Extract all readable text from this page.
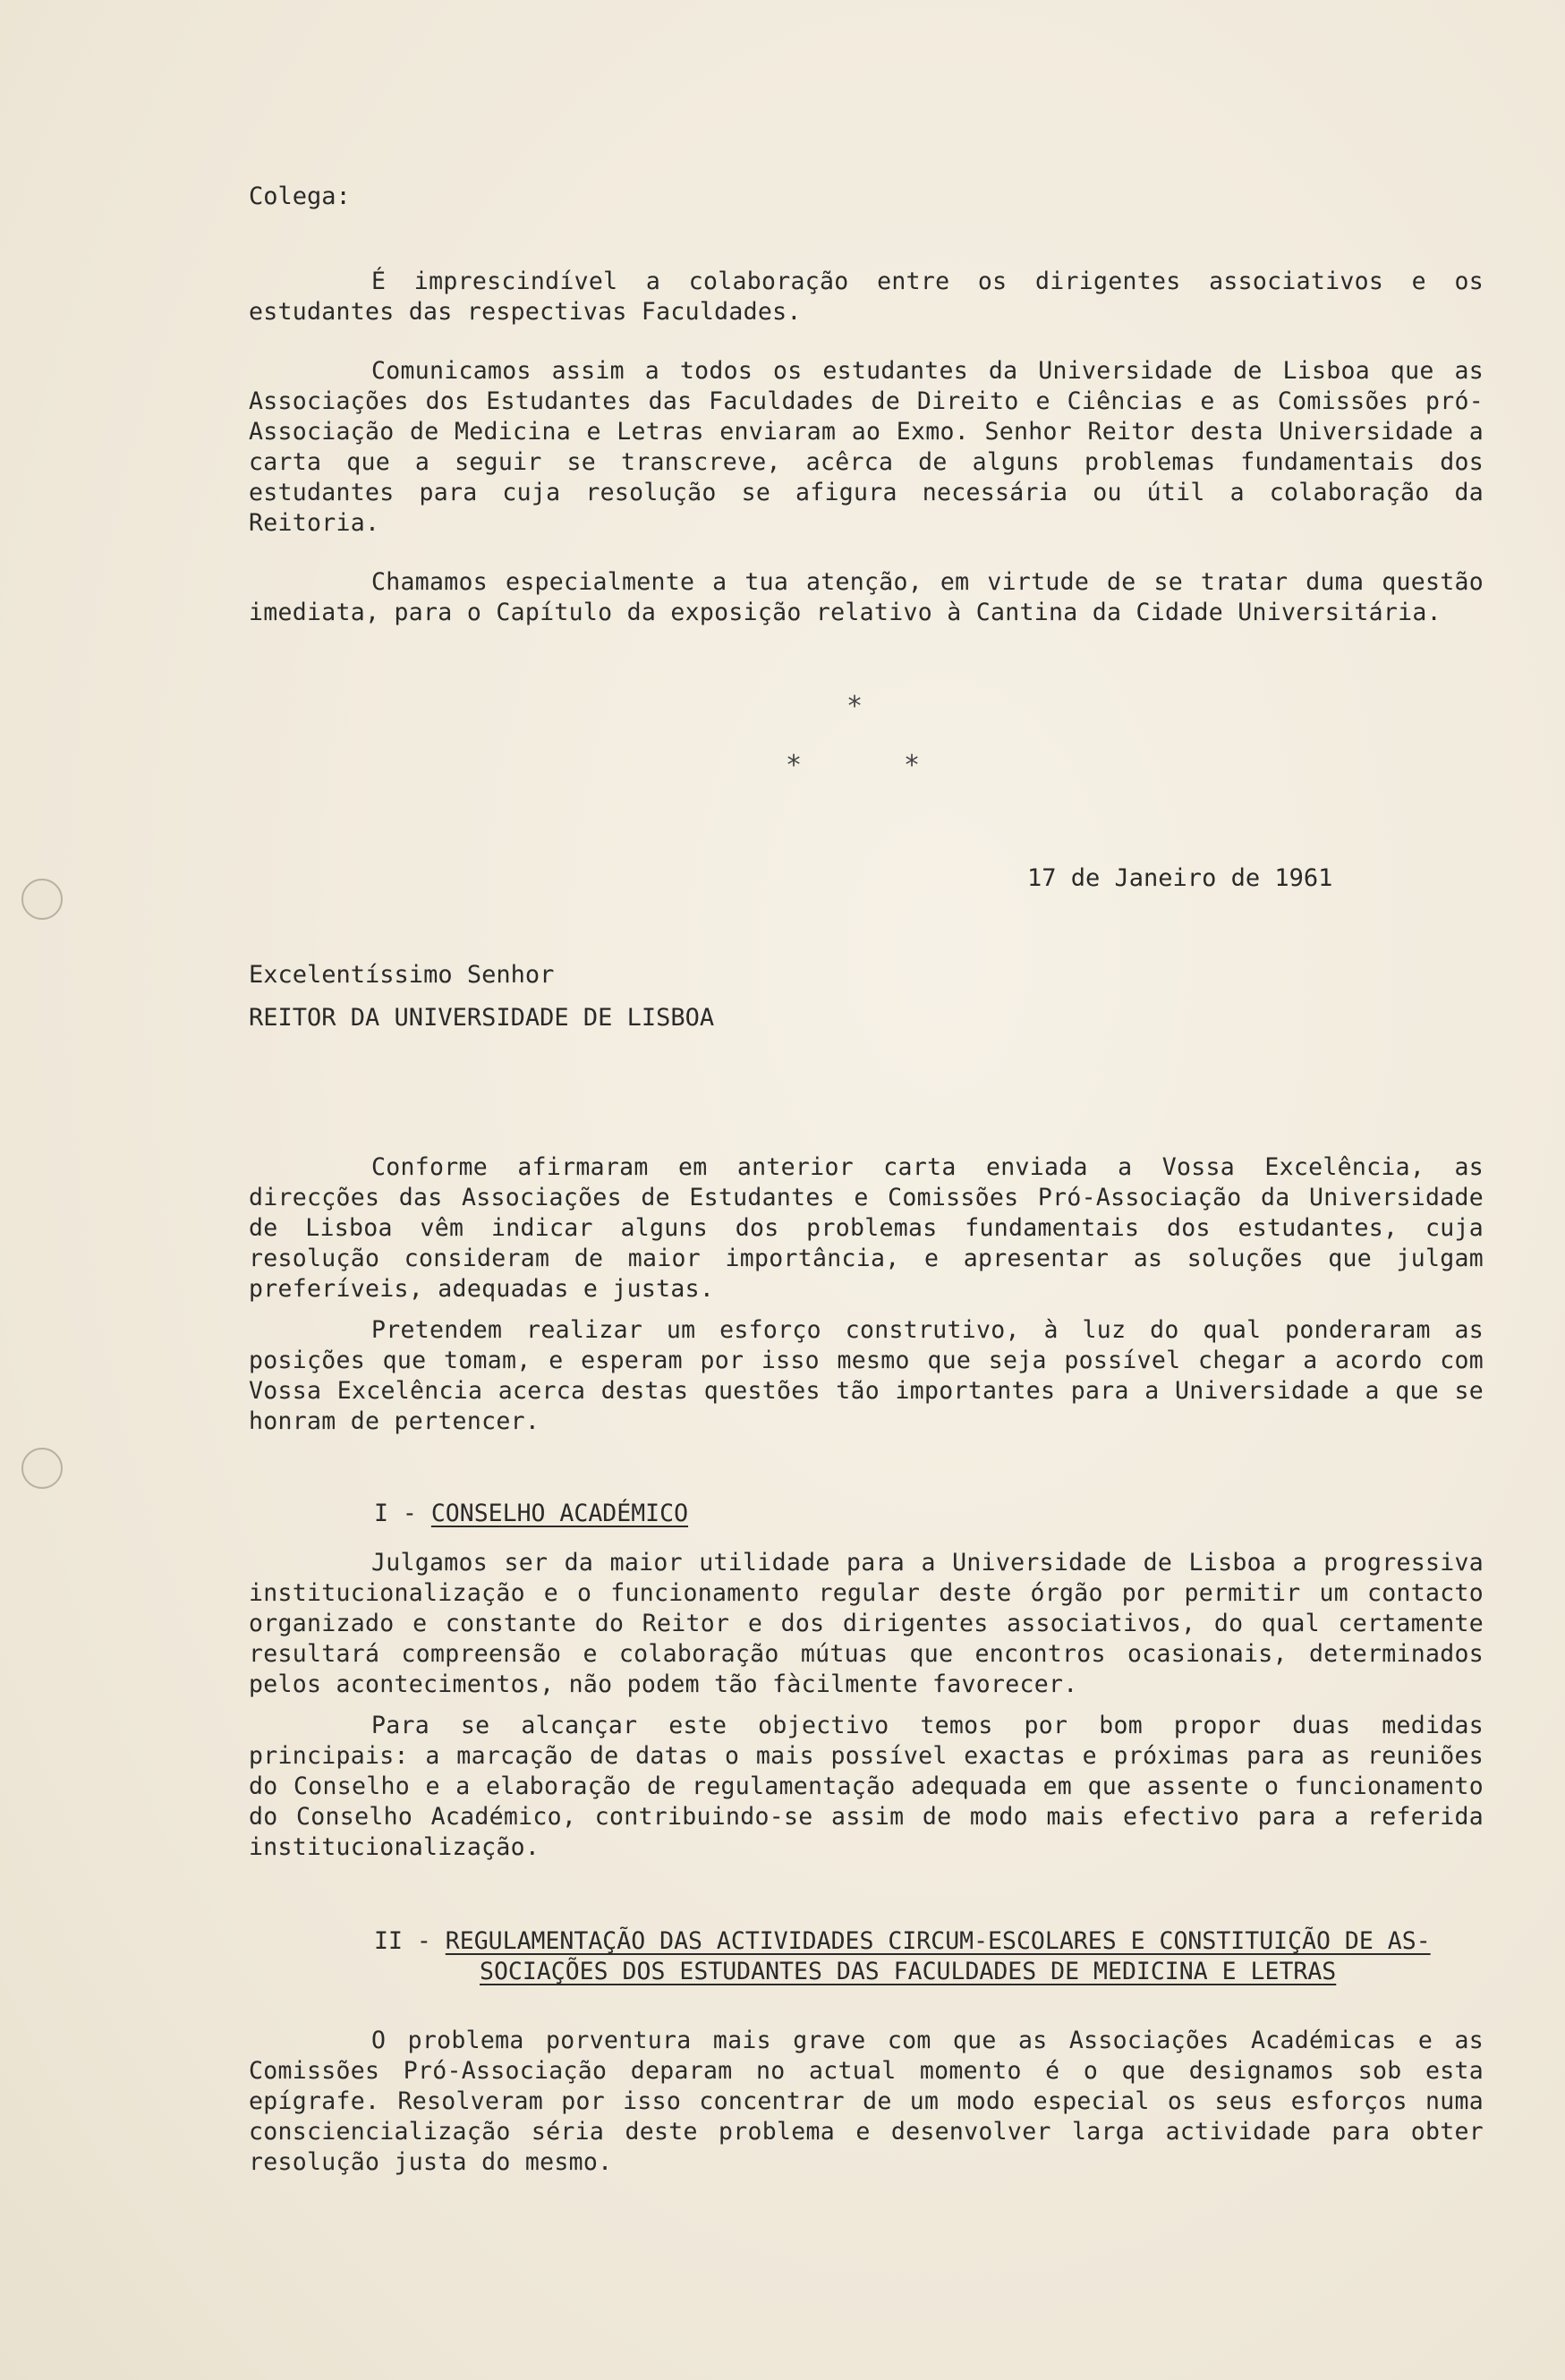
Colega:

É imprescindível a colaboração entre os dirigentes associativos e os estudantes das respectivas Faculdades.

Comunicamos assim a todos os estudantes da Universidade de Lisboa que as Associações dos Estudantes das Faculdades de Direito e Ciências e as Comissões pró-Associação de Medicina e Letras enviaram ao Exmo. Senhor Reitor desta Universidade a carta que a seguir se transcreve, acêrca de alguns problemas fundamentais dos estudantes para cuja resolução se afigura necessária ou útil a colaboração da Reitoria.

Chamamos especialmente a tua atenção, em virtude de se tratar duma questão imediata, para o Capítulo da exposição relativo à Cantina da Cidade Universitária.

*
*	*
17 de Janeiro de 1961
Excelentíssimo Senhor
REITOR DA UNIVERSIDADE DE LISBOA

Conforme afirmaram em anterior carta enviada a Vossa Excelência, as direcções das Associações de Estudantes e Comissões Pró-Associação da Universidade de Lisboa vêm indicar alguns dos problemas fundamentais dos estudantes, cuja resolução consideram de maior importância, e apresentar as soluções que julgam preferíveis, adequadas e justas.

Pretendem realizar um esforço construtivo, à luz do qual ponderaram as posições que tomam, e esperam por isso mesmo que seja possível chegar a acordo com Vossa Excelência acerca destas questões tão importantes para a Universidade a que se honram de pertencer.

I - CONSELHO ACADÉMICO

Julgamos ser da maior utilidade para a Universidade de Lisboa a progressiva institucionalização e o funcionamento regular deste órgão por permitir um contacto organizado e constante do Reitor e dos dirigentes associativos, do qual certamente resultará compreensão e colaboração mútuas que encontros ocasionais, determinados pelos acontecimentos, não podem tão fàcilmente favorecer.

Para se alcançar este objectivo temos por bom propor duas medidas principais: a marcação de datas o mais possível exactas e próximas para as reuniões do Conselho e a elaboração de regulamentação adequada em que assente o funcionamento do Conselho Académico, contribuindo-se assim de modo mais efectivo para a referida institucionalização.

II - REGULAMENTAÇÃO DAS ACTIVIDADES CIRCUM-ESCOLARES E CONSTITUIÇÃO DE AS-
SOCIAÇÕES DOS ESTUDANTES DAS FACULDADES DE MEDICINA E LETRAS

O problema porventura mais grave com que as Associações Académicas e as Comissões Pró-Associação deparam no actual momento é o que designamos sob esta epígrafe. Resolveram por isso concentrar de um modo especial os seus esforços numa consciencialização séria deste problema e desenvolver larga actividade para obter resolução justa do mesmo.
